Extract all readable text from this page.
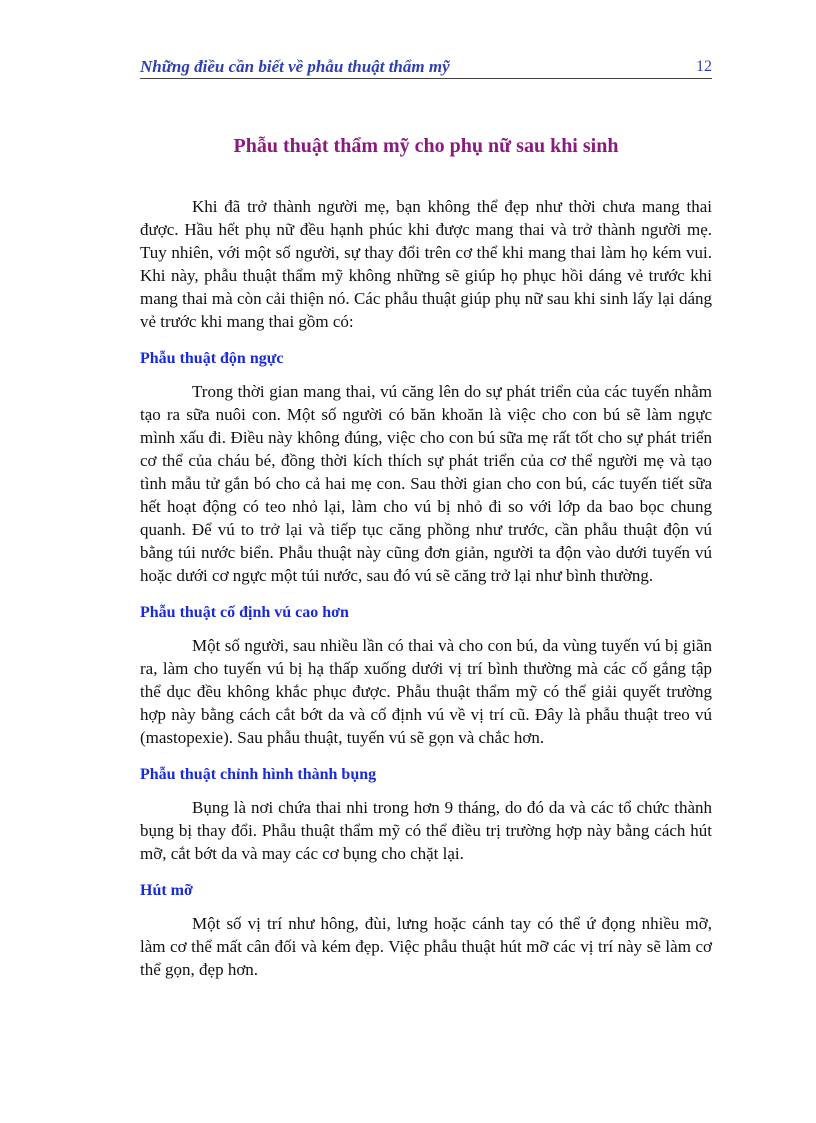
Những điều cần biết về phẫu thuật thẩm mỹ	12
Phẫu thuật thẩm mỹ cho phụ nữ sau khi sinh

Khi đã trở thành người mẹ, bạn không thể đẹp như thời chưa mang thai được. Hầu hết phụ nữ đều hạnh phúc khi được mang thai và trở thành người mẹ. Tuy nhiên, với một số người, sự thay đổi trên cơ thể khi mang thai làm họ kém vui. Khi này, phẫu thuật thẩm mỹ không những sẽ giúp họ phục hồi dáng vẻ trước khi mang thai mà còn cải thiện nó. Các phẫu thuật giúp phụ nữ sau khi sinh lấy lại dáng vẻ trước khi mang thai gồm có:

Phẫu thuật độn ngực

Trong thời gian mang thai, vú căng lên do sự phát triển của các tuyến nhằm tạo ra sữa nuôi con. Một số người có băn khoăn là việc cho con bú sẽ làm ngực mình xấu đi. Điều này không đúng, việc cho con bú sữa mẹ rất tốt cho sự phát triển cơ thể của cháu bé, đồng thời kích thích sự phát triển của cơ thể người mẹ và tạo tình mẫu tử gắn bó cho cả hai mẹ con. Sau thời gian cho con bú, các tuyến tiết sữa hết hoạt động có teo nhỏ lại, làm cho vú bị nhỏ đi so với lớp da bao bọc chung quanh. Để vú to trở lại và tiếp tục căng phồng như trước, cần phẫu thuật độn vú bằng túi nước biển. Phẫu thuật này cũng đơn giản, người ta độn vào dưới tuyến vú hoặc dưới cơ ngực một túi nước, sau đó vú sẽ căng trở lại như bình thường.

Phẫu thuật cố định vú cao hơn

Một số người, sau nhiều lần có thai và cho con bú, da vùng tuyến vú bị giãn ra, làm cho tuyến vú bị hạ thấp xuống dưới vị trí bình thường mà các cố gắng tập thể dục đều không khắc phục được. Phẫu thuật thẩm mỹ có thể giải quyết trường hợp này bằng cách cắt bớt da và cố định vú về vị trí cũ. Đây là phẫu thuật treo vú (mastopexie). Sau phẫu thuật, tuyến vú sẽ gọn và chắc hơn.

Phẫu thuật chỉnh hình thành bụng

Bụng là nơi chứa thai nhi trong hơn 9 tháng, do đó da và các tổ chức thành bụng bị thay đổi. Phẫu thuật thẩm mỹ có thể điều trị trường hợp này bằng cách hút mỡ, cắt bớt da và may các cơ bụng cho chặt lại.

Hút mỡ

Một số vị trí như hông, đùi, lưng hoặc cánh tay có thể ứ đọng nhiều mỡ, làm cơ thể mất cân đối và kém đẹp. Việc phẫu thuật hút mỡ các vị trí này sẽ làm cơ thể gọn, đẹp hơn.
